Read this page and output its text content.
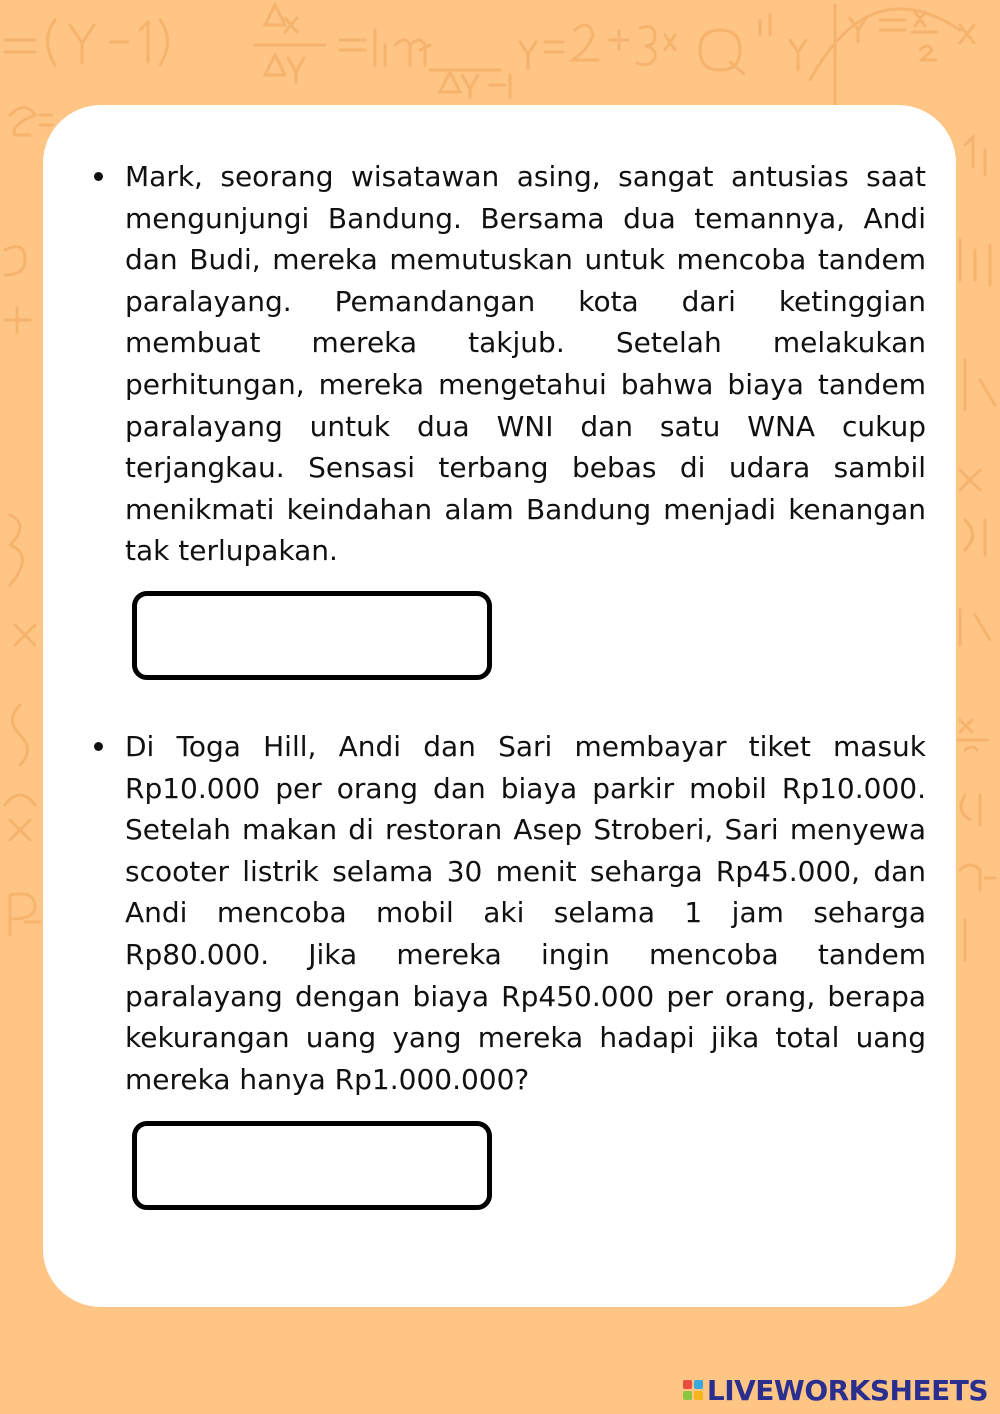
Mark, seorang wisatawan asing, sangat antusias saat mengunjungi Bandung. Bersama dua temannya, Andi dan Budi, mereka memutuskan untuk mencoba tandem paralayang. Pemandangan kota dari ketinggian membuat mereka takjub. Setelah melakukan perhitungan, mereka mengetahui bahwa biaya tandem paralayang untuk dua WNI dan satu WNA cukup terjangkau. Sensasi terbang bebas di udara sambil menikmati keindahan alam Bandung menjadi kenangan tak terlupakan.

Di Toga Hill, Andi dan Sari membayar tiket masuk Rp10.000 per orang dan biaya parkir mobil Rp10.000. Setelah makan di restoran Asep Stroberi, Sari menyewa scooter listrik selama 30 menit seharga Rp45.000, dan Andi mencoba mobil aki selama 1 jam seharga Rp80.000. Jika mereka ingin mencoba tandem paralayang dengan biaya Rp450.000 per orang, berapa kekurangan uang yang mereka hadapi jika total uang mereka hanya Rp1.000.000?

LIVEWORKSHEETS
